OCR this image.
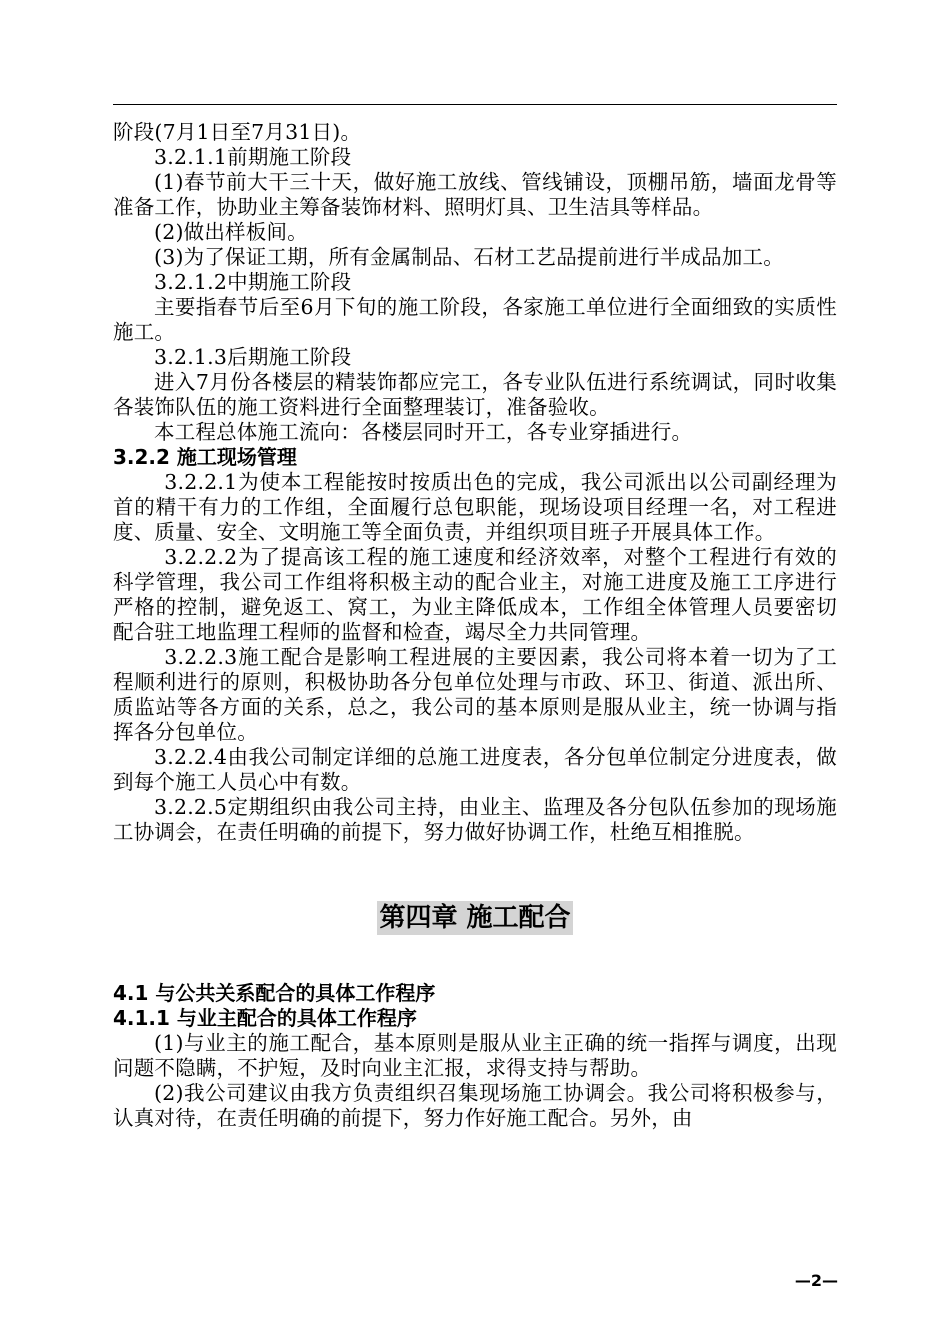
阶段(7月1日至7月31日)。

3.2.1.1前期施工阶段

(1)春节前大干三十天，做好施工放线、管线铺设，顶棚吊筋，墙面龙骨等准备工作，协助业主筹备装饰材料、照明灯具、卫生洁具等样品。

(2)做出样板间。

(3)为了保证工期，所有金属制品、石材工艺品提前进行半成品加工。

3.2.1.2中期施工阶段

主要指春节后至6月下旬的施工阶段，各家施工单位进行全面细致的实质性施工。

3.2.1.3后期施工阶段

进入7月份各楼层的精装饰都应完工，各专业队伍进行系统调试，同时收集各装饰队伍的施工资料进行全面整理装订，准备验收。

本工程总体施工流向：各楼层同时开工，各专业穿插进行。

3.2.2 施工现场管理

3.2.2.1为使本工程能按时按质出色的完成，我公司派出以公司副经理为首的精干有力的工作组，全面履行总包职能，现场设项目经理一名，对工程进度、质量、安全、文明施工等全面负责，并组织项目班子开展具体工作。

3.2.2.2为了提高该工程的施工速度和经济效率，对整个工程进行有效的科学管理，我公司工作组将积极主动的配合业主，对施工进度及施工工序进行严格的控制，避免返工、窝工，为业主降低成本，工作组全体管理人员要密切配合驻工地监理工程师的监督和检查，竭尽全力共同管理。

3.2.2.3施工配合是影响工程进展的主要因素，我公司将本着一切为了工程顺利进行的原则，积极协助各分包单位处理与市政、环卫、街道、派出所、质监站等各方面的关系，总之，我公司的基本原则是服从业主，统一协调与指挥各分包单位。

3.2.2.4由我公司制定详细的总施工进度表，各分包单位制定分进度表，做到每个施工人员心中有数。

3.2.2.5定期组织由我公司主持，由业主、监理及各分包队伍参加的现场施工协调会，在责任明确的前提下，努力做好协调工作，杜绝互相推脱。

第四章 施工配合

4.1 与公共关系配合的具体工作程序

4.1.1 与业主配合的具体工作程序

(1)与业主的施工配合，基本原则是服从业主正确的统一指挥与调度，出现问题不隐瞒，不护短，及时向业主汇报，求得支持与帮助。

(2)我公司建议由我方负责组织召集现场施工协调会。我公司将积极参与，认真对待，在责任明确的前提下，努力作好施工配合。另外，由

—2—
